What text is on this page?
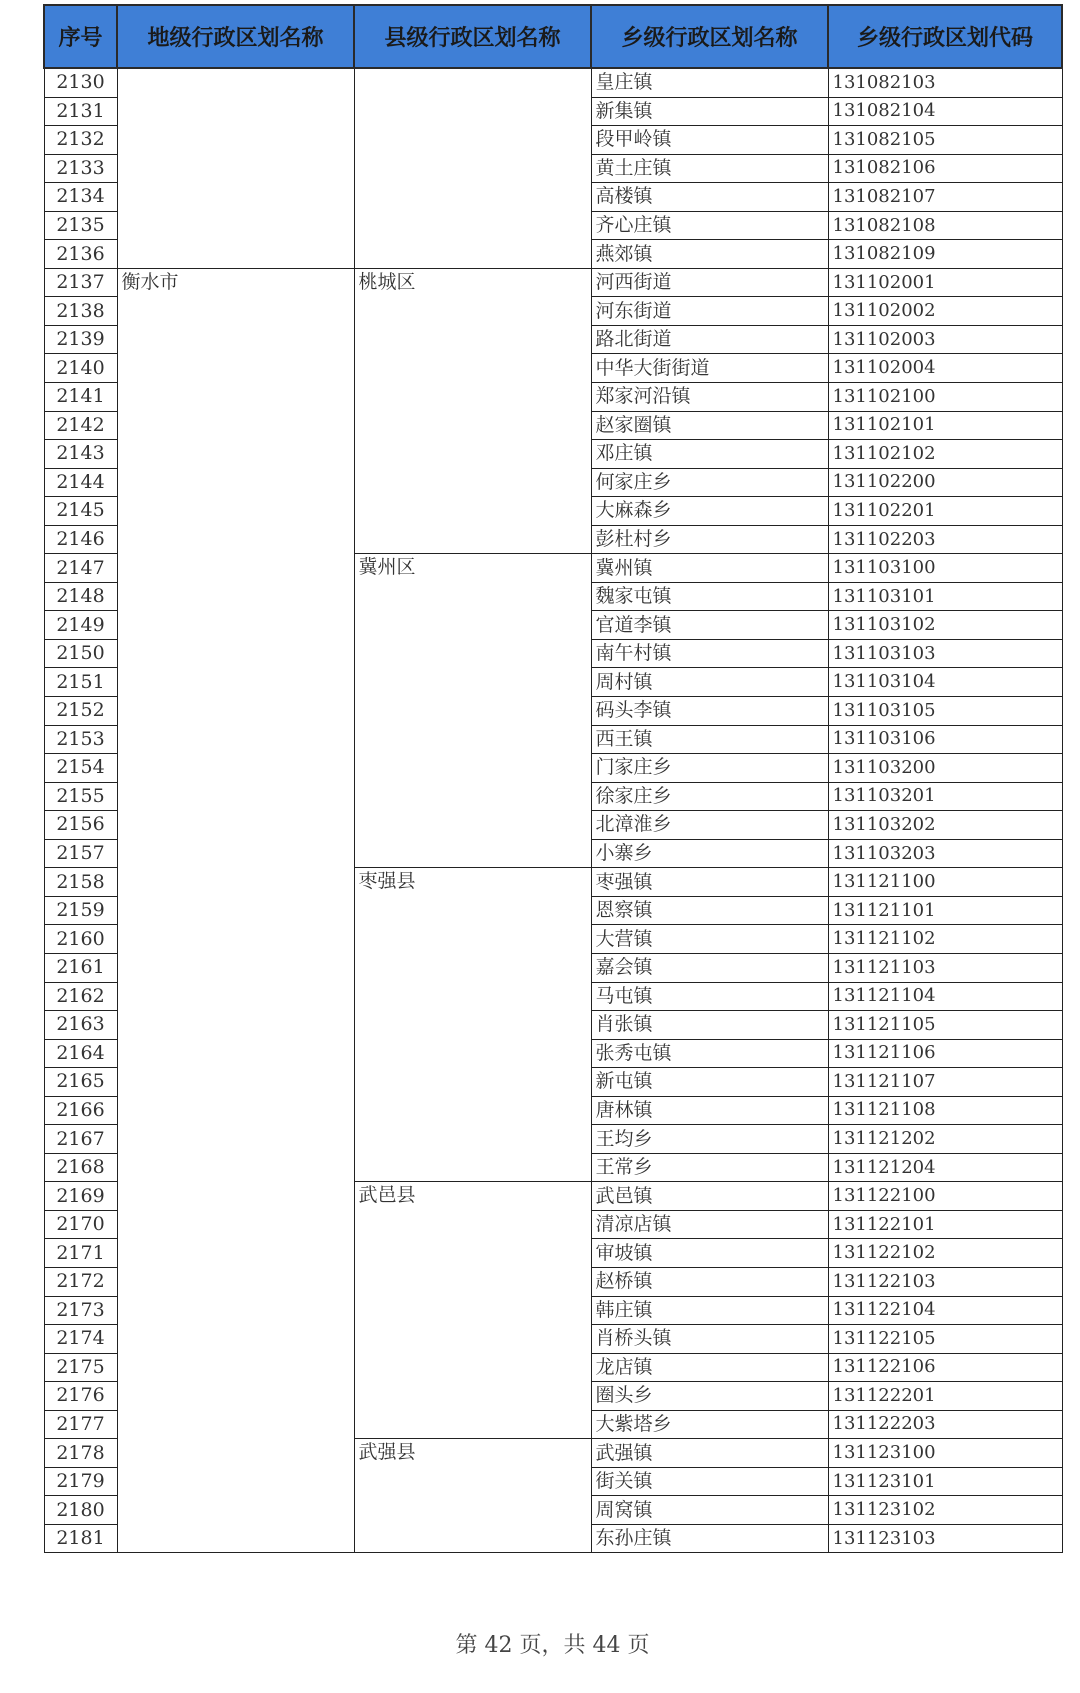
序号	地级行政区划名称	县级行政区划名称	乡级行政区划名称	乡级行政区划代码
2130			皇庄镇	131082103
2131			新集镇	131082104
2132			段甲岭镇	131082105
2133			黄土庄镇	131082106
2134			高楼镇	131082107
2135			齐心庄镇	131082108
2136			燕郊镇	131082109
2137	衡水市	桃城区	河西街道	131102001
2138			河东街道	131102002
2139			路北街道	131102003
2140			中华大街街道	131102004
2141			郑家河沿镇	131102100
2142			赵家圈镇	131102101
2143			邓庄镇	131102102
2144			何家庄乡	131102200
2145			大麻森乡	131102201
2146			彭杜村乡	131102203
2147		冀州区	冀州镇	131103100
2148			魏家屯镇	131103101
2149			官道李镇	131103102
2150			南午村镇	131103103
2151			周村镇	131103104
2152			码头李镇	131103105
2153			西王镇	131103106
2154			门家庄乡	131103200
2155			徐家庄乡	131103201
2156			北漳淮乡	131103202
2157			小寨乡	131103203
2158		枣强县	枣强镇	131121100
2159			恩察镇	131121101
2160			大营镇	131121102
2161			嘉会镇	131121103
2162			马屯镇	131121104
2163			肖张镇	131121105
2164			张秀屯镇	131121106
2165			新屯镇	131121107
2166			唐林镇	131121108
2167			王均乡	131121202
2168			王常乡	131121204
2169		武邑县	武邑镇	131122100
2170			清凉店镇	131122101
2171			审坡镇	131122102
2172			赵桥镇	131122103
2173			韩庄镇	131122104
2174			肖桥头镇	131122105
2175			龙店镇	131122106
2176			圈头乡	131122201
2177			大紫塔乡	131122203
2178		武强县	武强镇	131123100
2179			街关镇	131123101
2180			周窝镇	131123102
2181			东孙庄镇	131123103
第 42 页，共 44 页
